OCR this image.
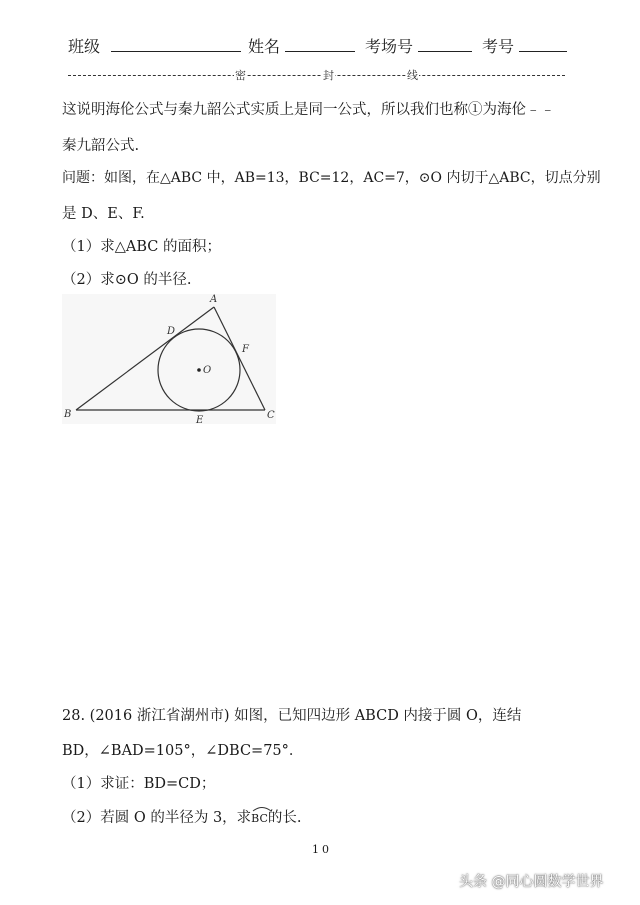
班级	姓名	考场号	考号
密	封	线
这说明海伦公式与秦九韶公式实质上是同一公式，所以我们也称①为海伦﹣﹣
秦九韶公式.
问题：如图，在△ABC 中，AB=13，BC=12，AC=7，⊙O 内切于△ABC，切点分别
是 D、E、F.
（1）求△ABC 的面积；
（2）求⊙O 的半径.
A
B	C
D
E
F
O
28. (2016 浙江省湖州市) 如图，已知四边形 ABCD 内接于圆 O，连结
BD，∠BAD=105°，∠DBC=75°．
（1）求证：BD=CD；
（2）若圆 O 的半径为 3，求
BC的长.
10
头条 @同心圆数学世界
